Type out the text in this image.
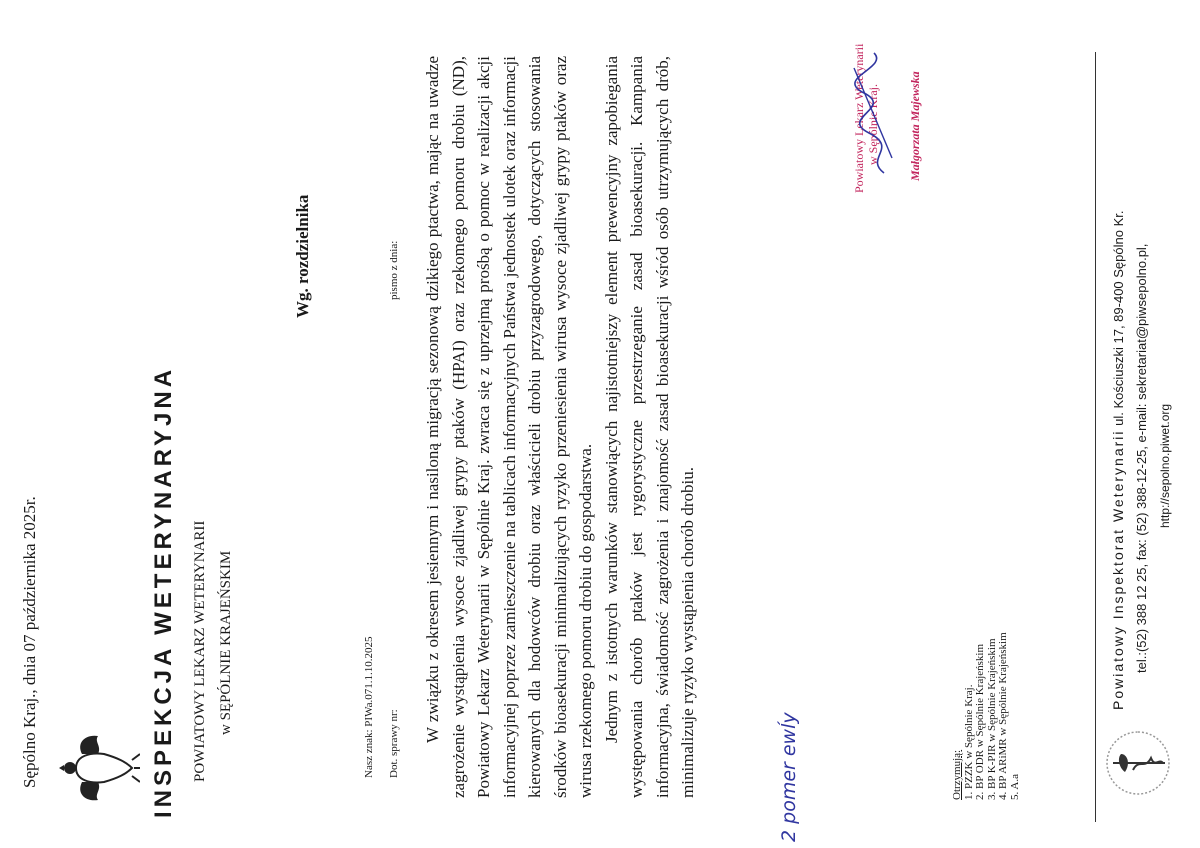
Sępólno Kraj., dnia 07 października 2025r.	INSPEKCJA WETERYNARYJNA POWIATOWY LEKARZ WETERYNARII w SĘPÓLNIE KRAJEŃSKIM
Wg. rozdzielnika
Nasz znak: PIWa.071.1.10.2025 Dot. sprawy nr:
pismo z dnia: W związku z okresem jesiennym i nasiloną migracją sezonową dzikiego ptactwa, mając na uwadze zagrożenie wystąpienia wysoce zjadliwej grypy ptaków (HPAI) oraz rzekomego pomoru drobiu (ND), Powiatowy Lekarz Weterynarii w Sępólnie Kraj. zwraca się z uprzejmą prośbą o pomoc w realizacji akcji informacyjnej poprzez zamieszczenie na tablicach informacyjnych Państwa jednostek ulotek oraz informacji kierowanych dla hodowców drobiu oraz właścicieli drobiu przyzagrodowego, dotyczących stosowania środków bioasekuracji minimalizujących ryzyko przeniesienia wirusa wysoce zjadliwej grypy ptaków oraz wirusa rzekomego pomoru drobiu do gospodarstwa. Jednym z istotnych warunków stanowiących najistotniejszy element prewencyjny zapobiegania występowania chorób ptaków jest rygorystyczne przestrzeganie zasad bioasekuracji. Kampania informacyjna, świadomość zagrożenia i znajomość zasad bioasekuracji wśród osób utrzymujących drób, minimalizuje ryzyko wystąpienia chorób drobiu.	2 pomer ewĺy
Powiatowy Lekarz Weterynarii w Sępólnie Kraj. Małgorzata Majewska
Otrzymują: 1. PZZK w Sępólnie Kraj. 2. BP ODR w Sępólnie Krajeńskim 3. BP K-PIR w Sępólnie Krajeńskim 4. BP ARiMR w Sępólnie Krajeńskim 5. A.a
Powiatowy Inspektorat Weterynarii ul. Kościuszki 17, 89-400 Sępólno Kr. tel.:(52) 388 12 25, fax: (52) 388-12-25, e-mail: sekretariat@piwsepolno.pl, http://sepolno.piwet.org
